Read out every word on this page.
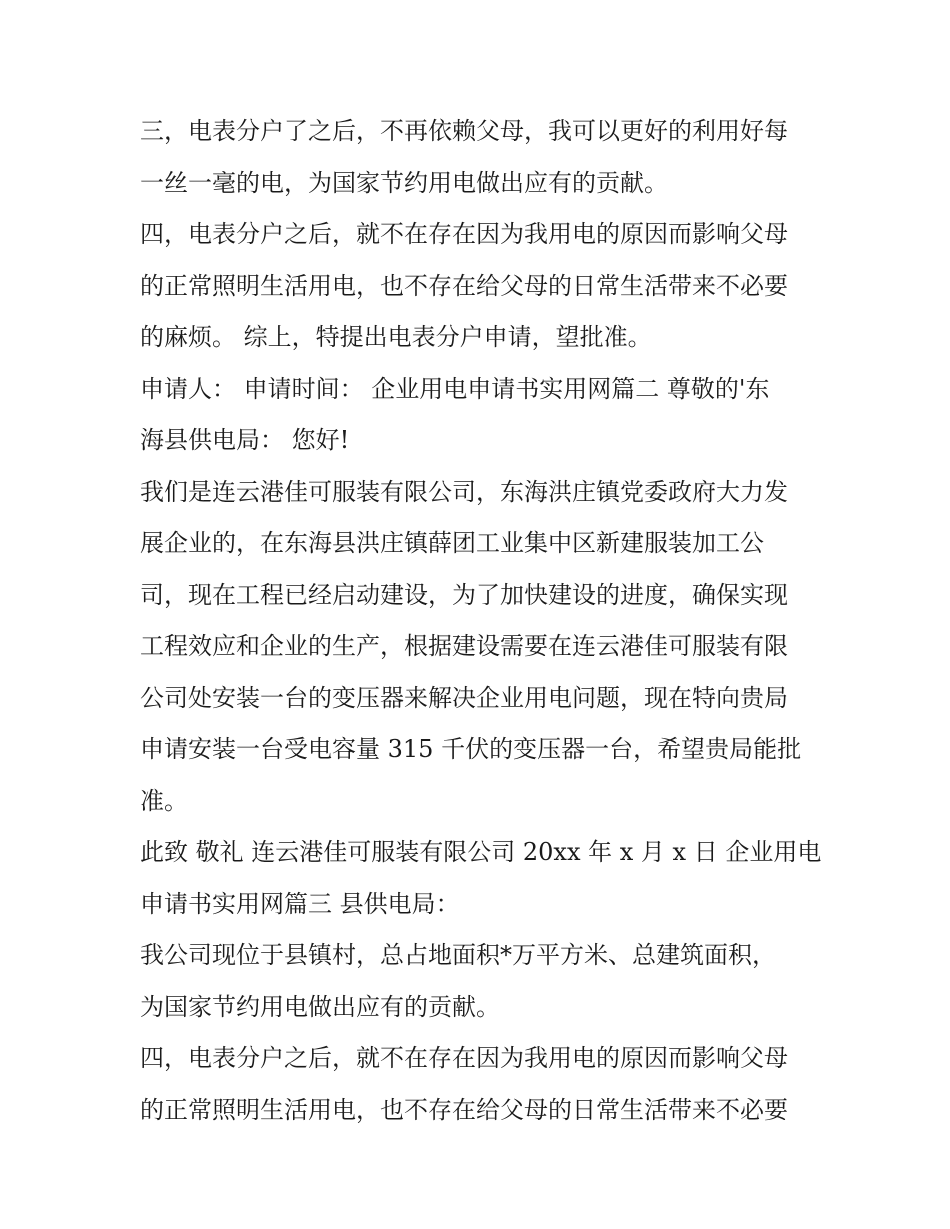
三，电表分户了之后，不再依赖父母，我可以更好的利用好每
一丝一毫的电，为国家节约用电做出应有的贡献。
四，电表分户之后，就不在存在因为我用电的原因而影响父母
的正常照明生活用电，也不存在给父母的日常生活带来不必要
的麻烦。 综上，特提出电表分户申请，望批准。
申请人： 申请时间： 企业用电申请书实用网篇二 尊敬的'东
海县供电局： 您好!
我们是连云港佳可服装有限公司，东海洪庄镇党委政府大力发
展企业的，在东海县洪庄镇薛团工业集中区新建服装加工公
司，现在工程已经启动建设，为了加快建设的进度，确保实现
工程效应和企业的生产，根据建设需要在连云港佳可服装有限
公司处安装一台的变压器来解决企业用电问题，现在特向贵局
申请安装一台受电容量 315 千伏的变压器一台，希望贵局能批
准。
此致 敬礼 连云港佳可服装有限公司 20xx 年 x 月 x 日 企业用电
申请书实用网篇三 县供电局：
我公司现位于县镇村，总占地面积*万平方米、总建筑面积，
为国家节约用电做出应有的贡献。
四，电表分户之后，就不在存在因为我用电的原因而影响父母
的正常照明生活用电，也不存在给父母的日常生活带来不必要
